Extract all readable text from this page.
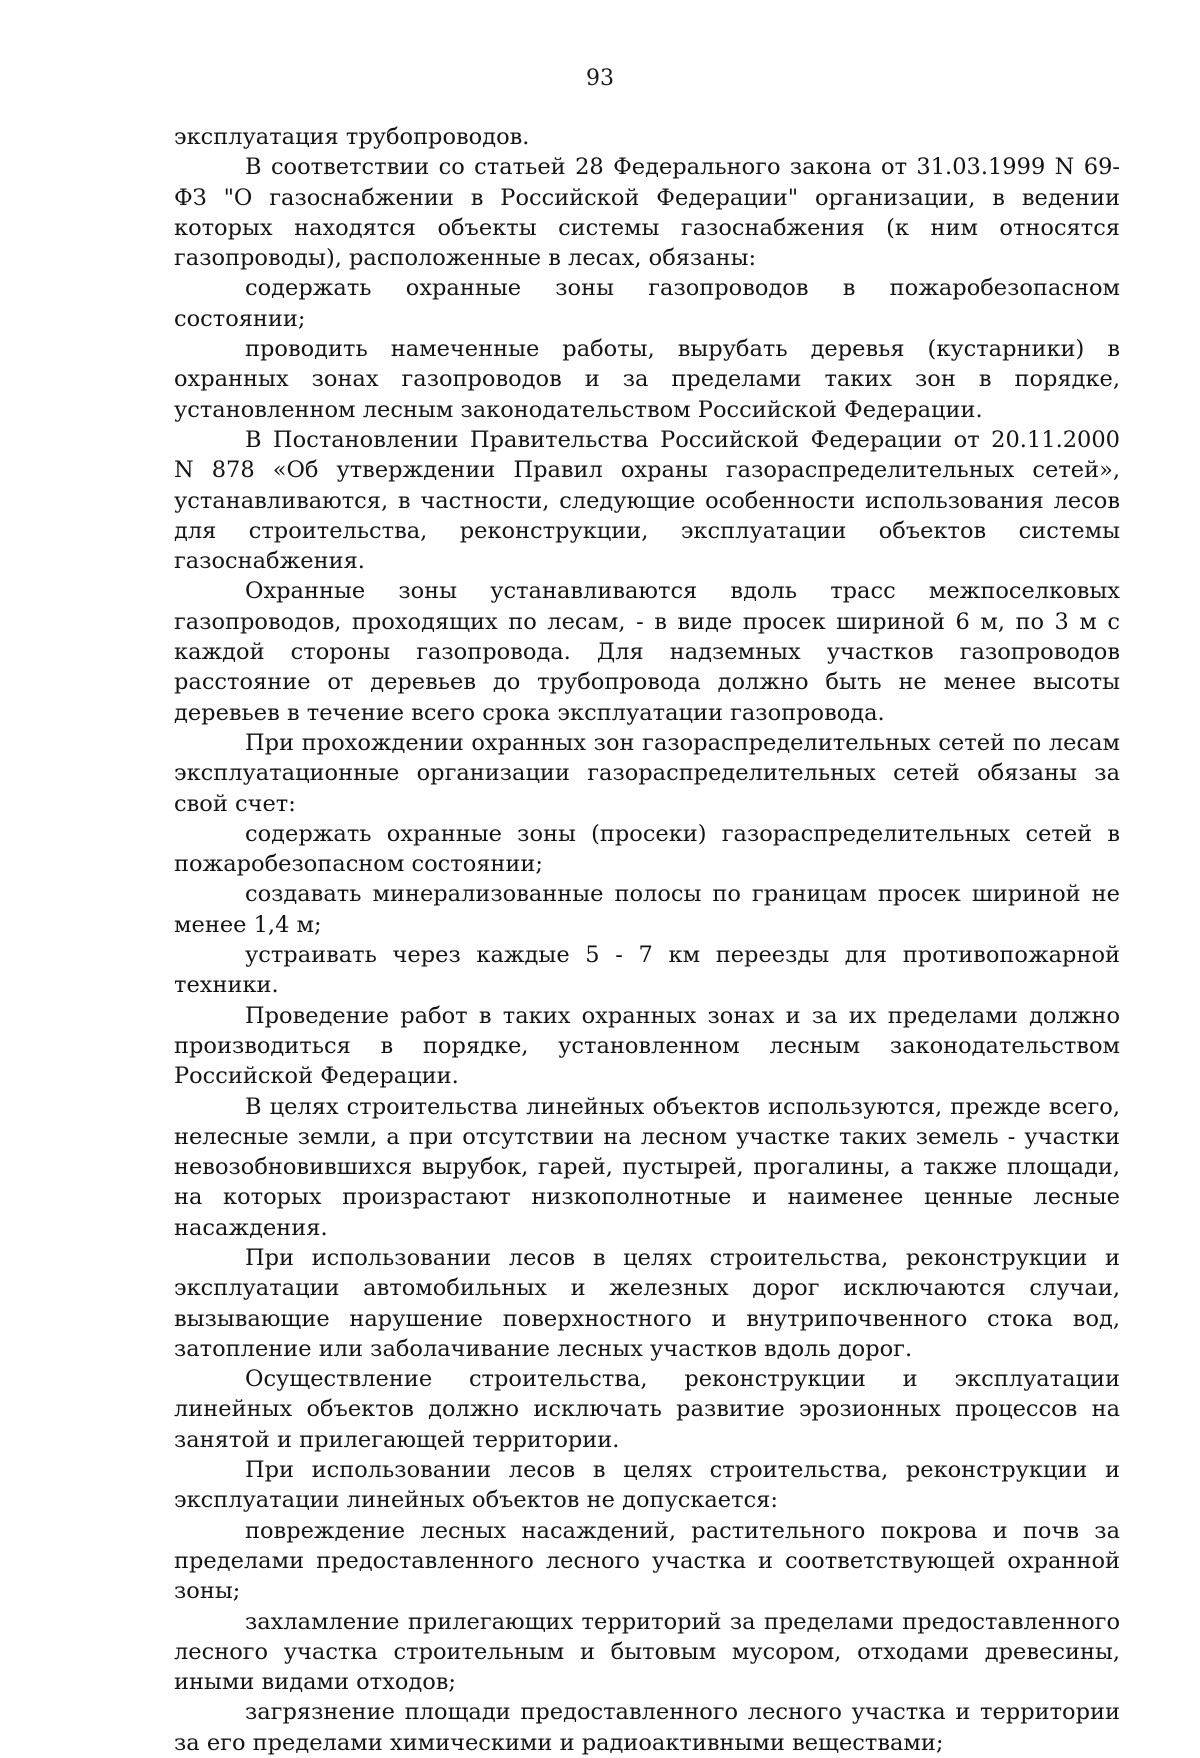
93

эксплуатация трубопроводов.

В соответствии со статьей 28 Федерального закона от 31.03.1999 N 69-ФЗ "О газоснабжении в Российской Федерации" организации, в ведении которых находятся объекты системы газоснабжения (к ним относятся газопроводы), расположенные в лесах, обязаны:

содержать охранные зоны газопроводов в пожаробезопасном состоянии;

проводить намеченные работы, вырубать деревья (кустарники) в охранных зонах газопроводов и за пределами таких зон в порядке, установленном лесным законодательством Российской Федерации.

В Постановлении Правительства Российской Федерации от 20.11.2000 N 878 «Об утверждении Правил охраны газораспределительных сетей», устанавливаются, в частности, следующие особенности использования лесов для строительства, реконструкции, эксплуатации объектов системы газоснабжения.

Охранные зоны устанавливаются вдоль трасс межпоселковых газопроводов, проходящих по лесам, - в виде просек шириной 6 м, по 3 м с каждой стороны газопровода. Для надземных участков газопроводов расстояние от деревьев до трубопровода должно быть не менее высоты деревьев в течение всего срока эксплуатации газопровода.

При прохождении охранных зон газораспределительных сетей по лесам эксплуатационные организации газораспределительных сетей обязаны за свой счет:

содержать охранные зоны (просеки) газораспределительных сетей в пожаробезопасном состоянии;

создавать минерализованные полосы по границам просек шириной не менее 1,4 м;

устраивать через каждые 5 - 7 км переезды для противопожарной техники.

Проведение работ в таких охранных зонах и за их пределами должно производиться в порядке, установленном лесным законодательством Российской Федерации.

В целях строительства линейных объектов используются, прежде всего, нелесные земли, а при отсутствии на лесном участке таких земель - участки невозобновившихся вырубок, гарей, пустырей, прогалины, а также площади, на которых произрастают низкополнотные и наименее ценные лесные насаждения.

При использовании лесов в целях строительства, реконструкции и эксплуатации автомобильных и железных дорог исключаются случаи, вызывающие нарушение поверхностного и внутрипочвенного стока вод, затопление или заболачивание лесных участков вдоль дорог.

Осуществление строительства, реконструкции и эксплуатации линейных объектов должно исключать развитие эрозионных процессов на занятой и прилегающей территории.

При использовании лесов в целях строительства, реконструкции и эксплуатации линейных объектов не допускается:

повреждение лесных насаждений, растительного покрова и почв за пределами предоставленного лесного участка и соответствующей охранной зоны;

захламление прилегающих территорий за пределами предоставленного лесного участка строительным и бытовым мусором, отходами древесины, иными видами отходов;

загрязнение площади предоставленного лесного участка и территории за его пределами химическими и радиоактивными веществами;
